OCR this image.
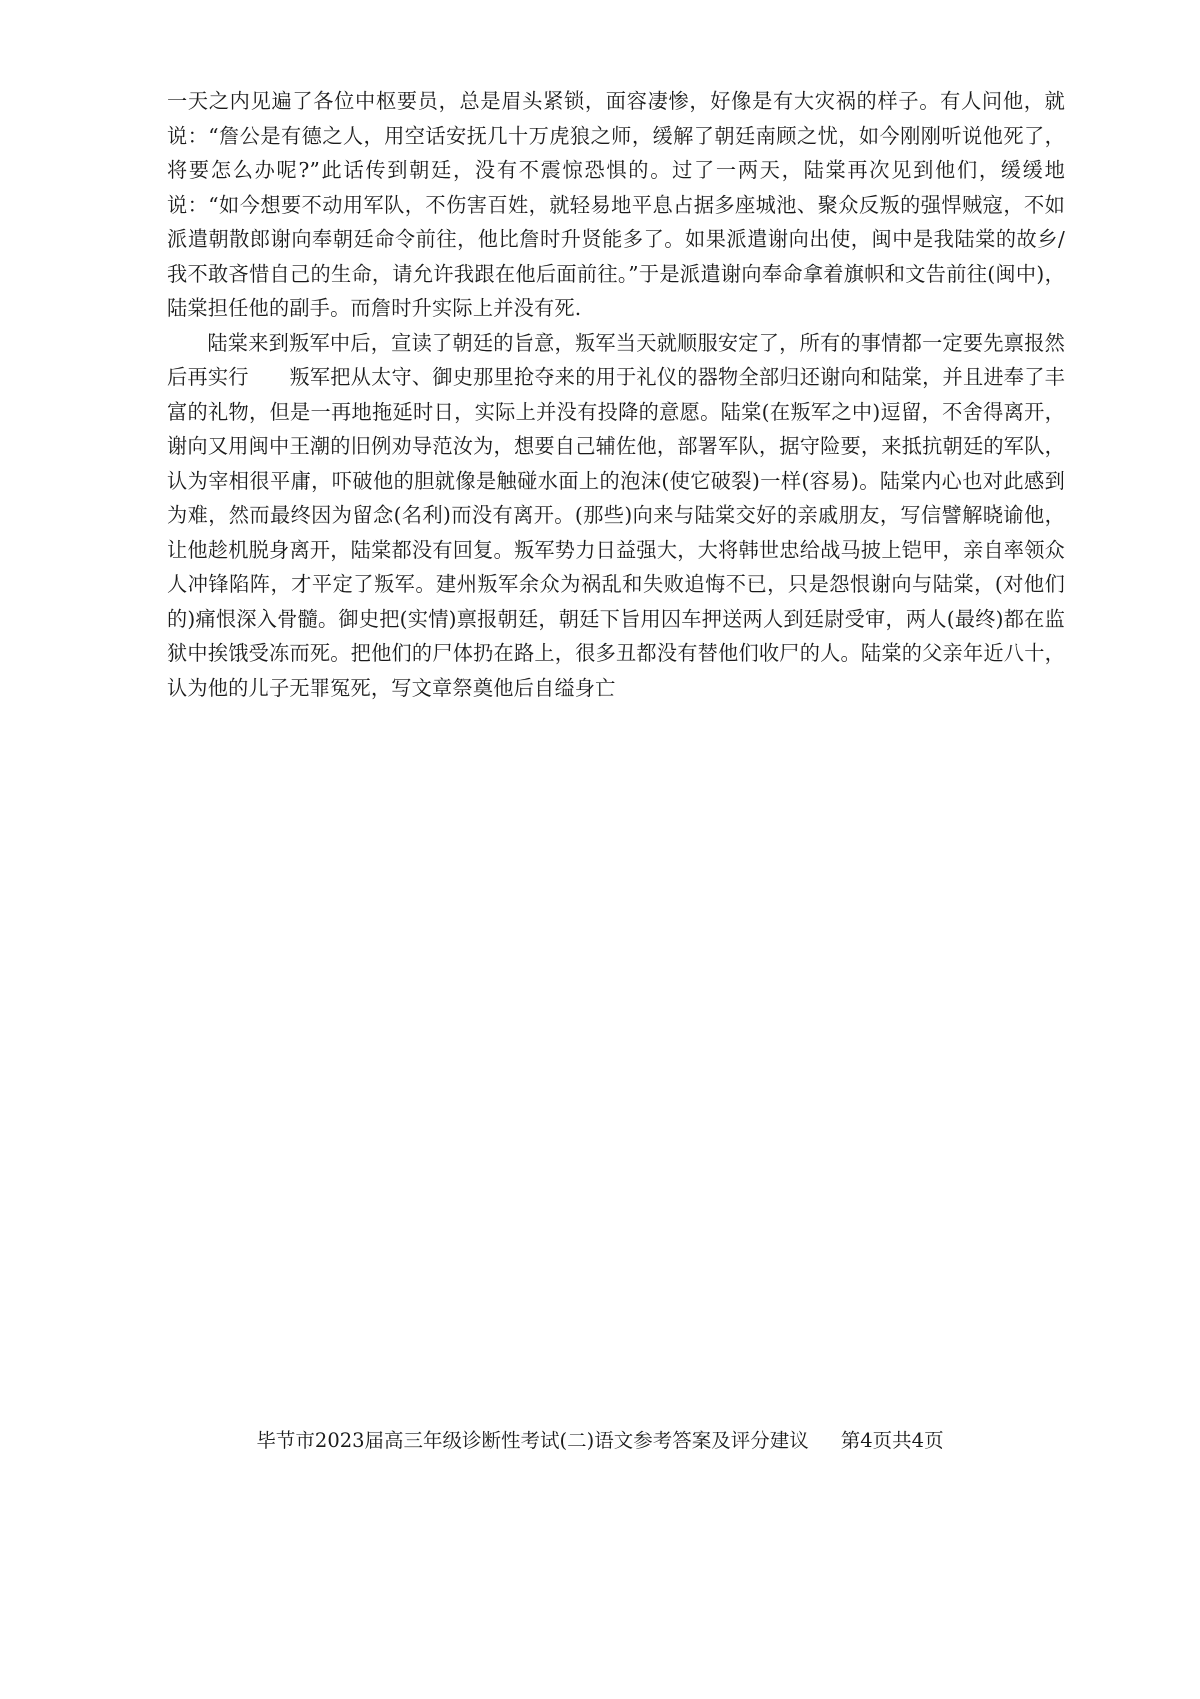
一天之内见遍了各位中枢要员，总是眉头紧锁，面容凄惨，好像是有大灾祸的样子。有人问他，就说：“詹公是有德之人，用空话安抚几十万虎狼之师，缓解了朝廷南顾之忧，如今刚刚听说他死了，将要怎么办呢?”此话传到朝廷，没有不震惊恐惧的。过了一两天，陆棠再次见到他们，缓缓地说：“如今想要不动用军队，不伤害百姓，就轻易地平息占据多座城池、聚众反叛的强悍贼寇，不如派遣朝散郎谢向奉朝廷命令前往，他比詹时升贤能多了。如果派遣谢向出使，闽中是我陆棠的故乡/我不敢吝惜自己的生命，请允许我跟在他后面前往。”于是派遣谢向奉命拿着旗帜和文告前往(闽中)，陆棠担任他的副手。而詹时升实际上并没有死.

陆棠来到叛军中后，宣读了朝廷的旨意，叛军当天就顺服安定了，所有的事情都一定要先禀报然后再实行　　叛军把从太守、御史那里抢夺来的用于礼仪的器物全部归还谢向和陆棠，并且进奉了丰富的礼物，但是一再地拖延时日，实际上并没有投降的意愿。陆棠(在叛军之中)逗留，不舍得离开，谢向又用闽中王潮的旧例劝导范汝为，想要自己辅佐他，部署军队，据守险要，来抵抗朝廷的军队，认为宰相很平庸，吓破他的胆就像是触碰水面上的泡沫(使它破裂)一样(容易)。陆棠内心也对此感到为难，然而最终因为留念(名利)而没有离开。(那些)向来与陆棠交好的亲戚朋友，写信譬解晓谕他，让他趁机脱身离开，陆棠都没有回复。叛军势力日益强大，大将韩世忠给战马披上铠甲，亲自率领众人冲锋陷阵，才平定了叛军。建州叛军余众为祸乱和失败追悔不已，只是怨恨谢向与陆棠，(对他们的)痛恨深入骨髓。御史把(实情)禀报朝廷，朝廷下旨用囚车押送两人到廷尉受审，两人(最终)都在监狱中挨饿受冻而死。把他们的尸体扔在路上，很多丑都没有替他们收尸的人。陆棠的父亲年近八十，认为他的儿子无罪冤死，写文章祭奠他后自缢身亡

毕节市2023届高三年级诊断性考试(二)语文参考答案及评分建议 第4页共4页
